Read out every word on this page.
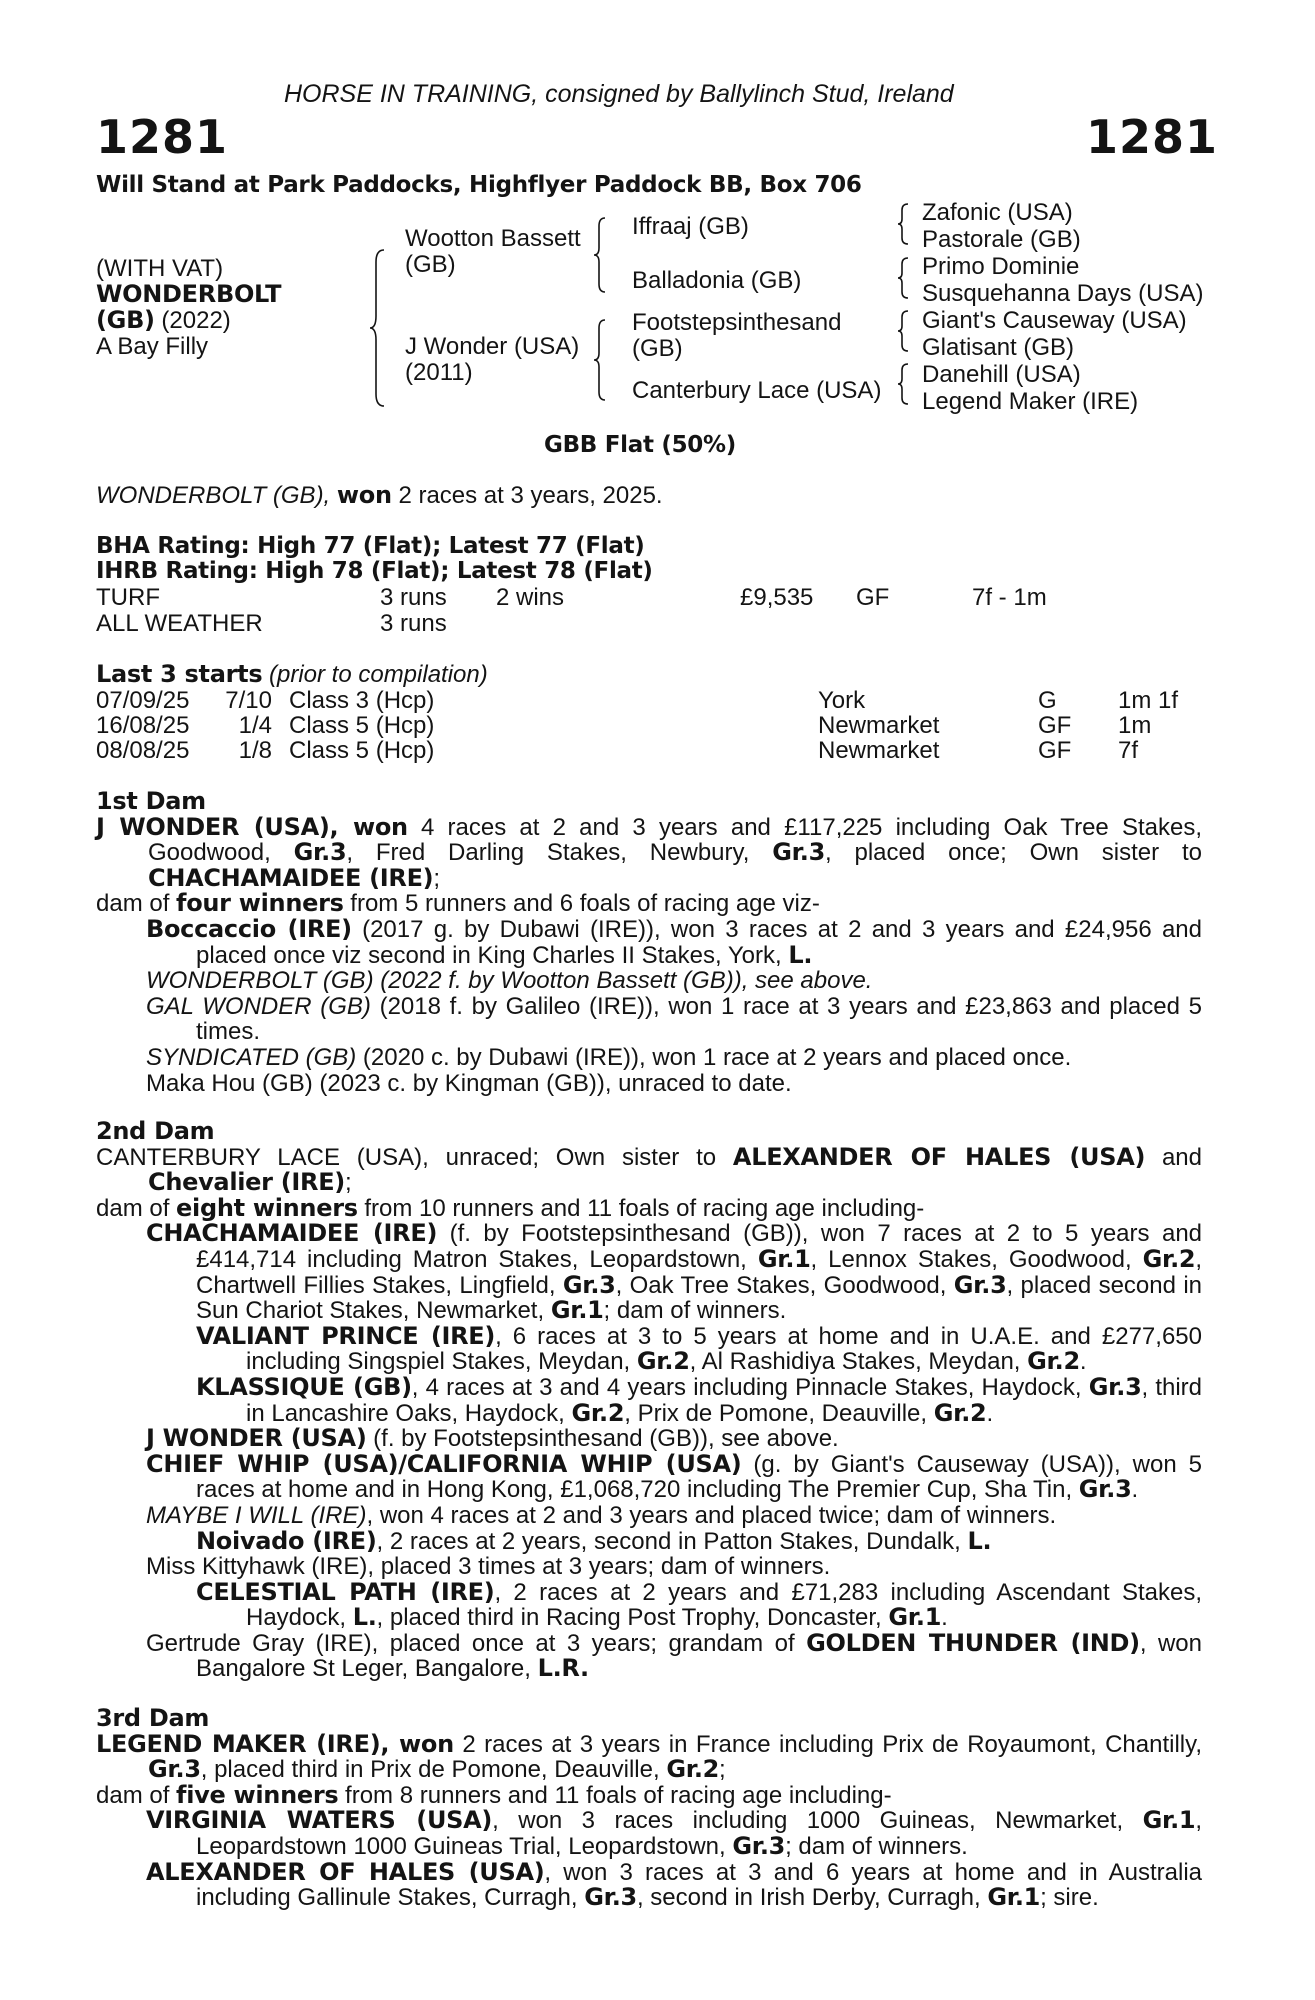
HORSE IN TRAINING, consigned by Ballylinch Stud, Ireland
1281	1281
Will Stand at Park Paddocks, Highflyer Paddock BB, Box 706
(WITH VAT)
WONDERBOLT
(GB) (2022)
A Bay Filly
Wootton Bassett
(GB)
J Wonder (USA)
(2011)
Iffraaj (GB)
Balladonia (GB)
Footstepsinthesand
(GB)
Canterbury Lace (USA)
Zafonic (USA)
Pastorale (GB)
Primo Dominie
Susquehanna Days (USA)
Giant's Causeway (USA)
Glatisant (GB)
Danehill (USA)
Legend Maker (IRE)
GBB Flat (50%)
WONDERBOLT (GB), won 2 races at 3 years, 2025.
BHA Rating: High 77 (Flat); Latest 77 (Flat)
IHRB Rating: High 78 (Flat); Latest 78 (Flat)
TURF	3 runs 2 wins	£9,535 GF	7f - 1m
ALL WEATHER	3 runs
Last 3 starts (prior to compilation)
07/09/25 7/10 Class 3 (Hcp)	York	G	1m 1f
16/08/25	1/4 Class 5 (Hcp)	Newmarket	GF 1m
08/08/25	1/8 Class 5 (Hcp)	Newmarket	GF 7f

1st Dam

J WONDER (USA), won 4 races at 2 and 3 years and £117,225 including Oak Tree Stakes, Goodwood, Gr.3, Fred Darling Stakes, Newbury, Gr.3, placed once; Own sister to CHACHAMAIDEE (IRE);

dam of four winners from 5 runners and 6 foals of racing age viz-

Boccaccio (IRE) (2017 g. by Dubawi (IRE)), won 3 races at 2 and 3 years and £24,956 and placed once viz second in King Charles II Stakes, York, L.

WONDERBOLT (GB) (2022 f. by Wootton Bassett (GB)), see above.

GAL WONDER (GB) (2018 f. by Galileo (IRE)), won 1 race at 3 years and £23,863 and placed 5 times.

SYNDICATED (GB) (2020 c. by Dubawi (IRE)), won 1 race at 2 years and placed once.

Maka Hou (GB) (2023 c. by Kingman (GB)), unraced to date.

2nd Dam

CANTERBURY LACE (USA), unraced; Own sister to ALEXANDER OF HALES (USA) and Chevalier (IRE);

dam of eight winners from 10 runners and 11 foals of racing age including-

CHACHAMAIDEE (IRE) (f. by Footstepsinthesand (GB)), won 7 races at 2 to 5 years and £414,714 including Matron Stakes, Leopardstown, Gr.1, Lennox Stakes, Goodwood, Gr.2, Chartwell Fillies Stakes, Lingfield, Gr.3, Oak Tree Stakes, Goodwood, Gr.3, placed second in Sun Chariot Stakes, Newmarket, Gr.1; dam of winners.

VALIANT PRINCE (IRE), 6 races at 3 to 5 years at home and in U.A.E. and £277,650 including Singspiel Stakes, Meydan, Gr.2, Al Rashidiya Stakes, Meydan, Gr.2.

KLASSIQUE (GB), 4 races at 3 and 4 years including Pinnacle Stakes, Haydock, Gr.3, third in Lancashire Oaks, Haydock, Gr.2, Prix de Pomone, Deauville, Gr.2.

J WONDER (USA) (f. by Footstepsinthesand (GB)), see above.

CHIEF WHIP (USA)/CALIFORNIA WHIP (USA) (g. by Giant's Causeway (USA)), won 5 races at home and in Hong Kong, £1,068,720 including The Premier Cup, Sha Tin, Gr.3.

MAYBE I WILL (IRE), won 4 races at 2 and 3 years and placed twice; dam of winners.

Noivado (IRE), 2 races at 2 years, second in Patton Stakes, Dundalk, L.

Miss Kittyhawk (IRE), placed 3 times at 3 years; dam of winners.

CELESTIAL PATH (IRE), 2 races at 2 years and £71,283 including Ascendant Stakes, Haydock, L., placed third in Racing Post Trophy, Doncaster, Gr.1.

Gertrude Gray (IRE), placed once at 3 years; grandam of GOLDEN THUNDER (IND), won Bangalore St Leger, Bangalore, L.R.

3rd Dam

LEGEND MAKER (IRE), won 2 races at 3 years in France including Prix de Royaumont, Chantilly, Gr.3, placed third in Prix de Pomone, Deauville, Gr.2;

dam of five winners from 8 runners and 11 foals of racing age including-

VIRGINIA WATERS (USA), won 3 races including 1000 Guineas, Newmarket, Gr.1, Leopardstown 1000 Guineas Trial, Leopardstown, Gr.3; dam of winners.

ALEXANDER OF HALES (USA), won 3 races at 3 and 6 years at home and in Australia including Gallinule Stakes, Curragh, Gr.3, second in Irish Derby, Curragh, Gr.1; sire.
